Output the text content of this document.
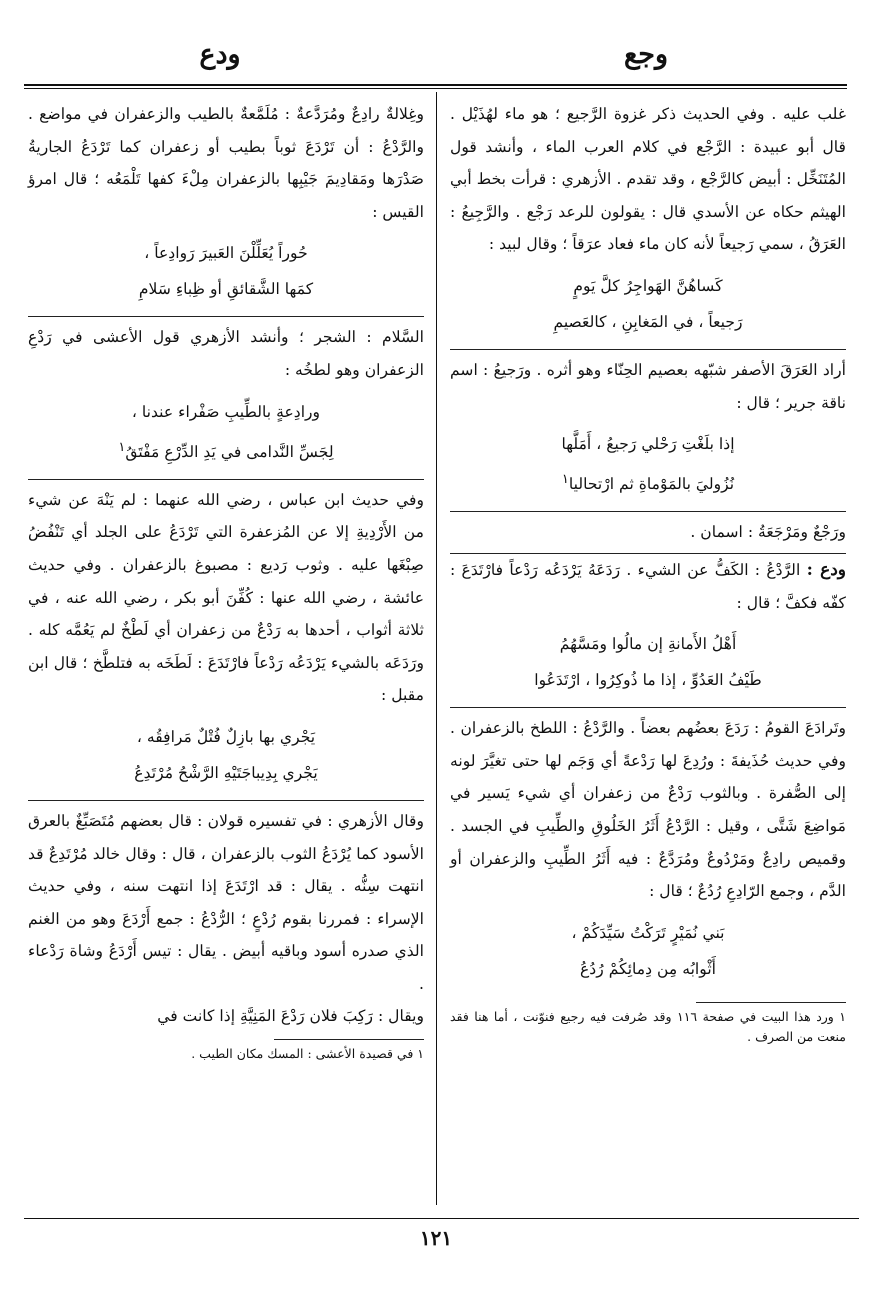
وجع
ودع

غلب عليه . وفي الحديث ذكر غزوة الرَّجيع ؛ هو ماء لهُذَيْل . قال أبو عبيدة : الرَّجْع في كلام العرب الماء ، وأنشد قول المُتَنَخِّل : أبيض كالرَّجْع ، وقد تقدم . الأزهري : قرأت بخط أبي الهيثم حكاه عن الأسدي قال : يقولون للرعد رَجْع . والرَّجِيعُ : العَرَقُ ، سمي رَجيعاً لأنه كان ماء فعاد عرَقاً ؛ وقال لبيد :

كَساهُنَّ الهَواجِرُ كلَّ يَومٍ
رَجيعاً ، في المَغابِنِ ، كالعَصيمِ

أراد العَرَقَ الأصفر شبّهه بعصيم الحِنّاء وهو أثره . ورَجيعُ : اسم ناقة جرير ؛ قال :

إذا بلَغْتِ رَحْلي رَجيعُ ، أَمَلَّها
نُزُوليَ بالمَوْماةِ ثم ارْتحاليا$^١$

ورَجْعٌ ومَرْجَعَةُ : اسمان .

ودع : الرَّدْعُ : الكَفُّ عن الشيء . رَدَعَهُ يَرْدَعُه رَدْعاً فارْتَدَعَ : كفّه فكفَّ ؛ قال :

أَهْلُ الأَمانةِ إن مالُوا ومَسَّهُمُ
طَيْفُ العَدُوِّ ، إذا ما ذُوكِرُوا ، ارْتَدَعُوا

وتَرادَعَ القومُ : رَدَعَ بعضُهم بعضاً . والرَّدْعُ : اللطخ بالزعفران . وفي حديث حُذَيفةَ : ورُدِعَ لها رَدْعةً أي وَجَم لها حتى تغيَّرَ لونه إلى الصُّفرة . وبالثوب رَدْعٌ من زعفران أي شيء يَسير في مَواضِعَ شَتَّى ، وقيل : الرَّدْعُ أَثَرُ الخَلُوقِ والطِّيبِ في الجسد . وقميص رادِعٌ ومَرْدُوعٌ ومُرَدَّعٌ : فيه أَثَرُ الطِّيبِ والزعفران أو الدَّم ، وجمع الرّادِعِ رُدُعٌ ؛ قال :

بَني نُمَيْرٍ تَرَكْتُ سَيِّدَكُمْ ،
أَثْوابُه مِن دِمائِكُمْ رُدُعُ
١ ورد هذا البيت في صفحة ١١٦ وقد صُرفت فيه رجيع فنوّنت ، أما هنا فقد منعت من الصرف .

وغِلالةٌ رادِعٌ ومُرَدَّعةٌ : مُلَمَّعةٌ بالطيب والزعفران في مواضع . والرَّدْعُ : أن تَرْدَعَ ثوباً بطيب أو زعفران كما تَرْدَعُ الجاريةُ صَدْرَها ومَقادِيمَ جَيْبِها بالزعفران مِلْءَ كفها تَلْمَعُه ؛ قال امرؤ القيس :

حُوراً يُعَلِّلْنَ العَبيرَ رَوادِعاً ،
كمَها الشَّقائقِ أو ظِباءِ سَلامِ

السَّلام : الشجر ؛ وأنشد الأزهري قول الأعشى في رَدْعِ الزعفران وهو لطخُه :

ورادِعةٍ بالطِّيبِ صَفْراء عندنا ،
لِجَسِّ النَّدامى في يَدِ الدِّرْعِ مَفْتَقُ$^١$

وفي حديث ابن عباس ، رضي الله عنهما : لم يَنْهَ عن شيء من الأَرْدِيةِ إلا عن المُزعفرة التي تَرْدَعُ على الجلد أي تَنْفُضُ صِبْغَها عليه . وثوب رَديع : مصبوغ بالزعفران . وفي حديث عائشة ، رضي الله عنها : كُفِّنَ أبو بكر ، رضي الله عنه ، في ثلاثة أثواب ، أحدها به رَدْعٌ من زعفران أي لَطْخٌ لم يَعُمَّه كله . ورَدَعَه بالشيء يَرْدَعُه رَدْعاً فارْتَدَعَ : لَطَخَه به فتلطَّخ ؛ قال ابن مقبل :

يَجْري بها بازِلٌ فُتْلٌ مَرافِقُه ،
يَجْري بِدِيباجَتَيْهِ الرَّشْحُ مُرْتَدِعُ

وقال الأزهري : في تفسيره قولان : قال بعضهم مُتَصَبِّغٌ بالعرق الأسود كما يُرْدَعُ الثوب بالزعفران ، قال : وقال خالد مُرْتَدِعٌ قد انتهت سِنُّه . يقال : قد ارْتَدَعَ إذا انتهت سنه ، وفي حديث الإسراء : فمررنا بقوم رُدْعٍ ؛ الرُّدْعُ : جمع أَرْدَعَ وهو من الغنم الذي صدره أسود وباقيه أبيض . يقال : تيس أَرْدَعُ وشاة رَدْعاء .

ويقال : رَكِبَ فلان رَدْعَ المَنِيَّةِ إذا كانت في

١ في قصيدة الأعشى : المسك مكان الطيب .
١٢١
